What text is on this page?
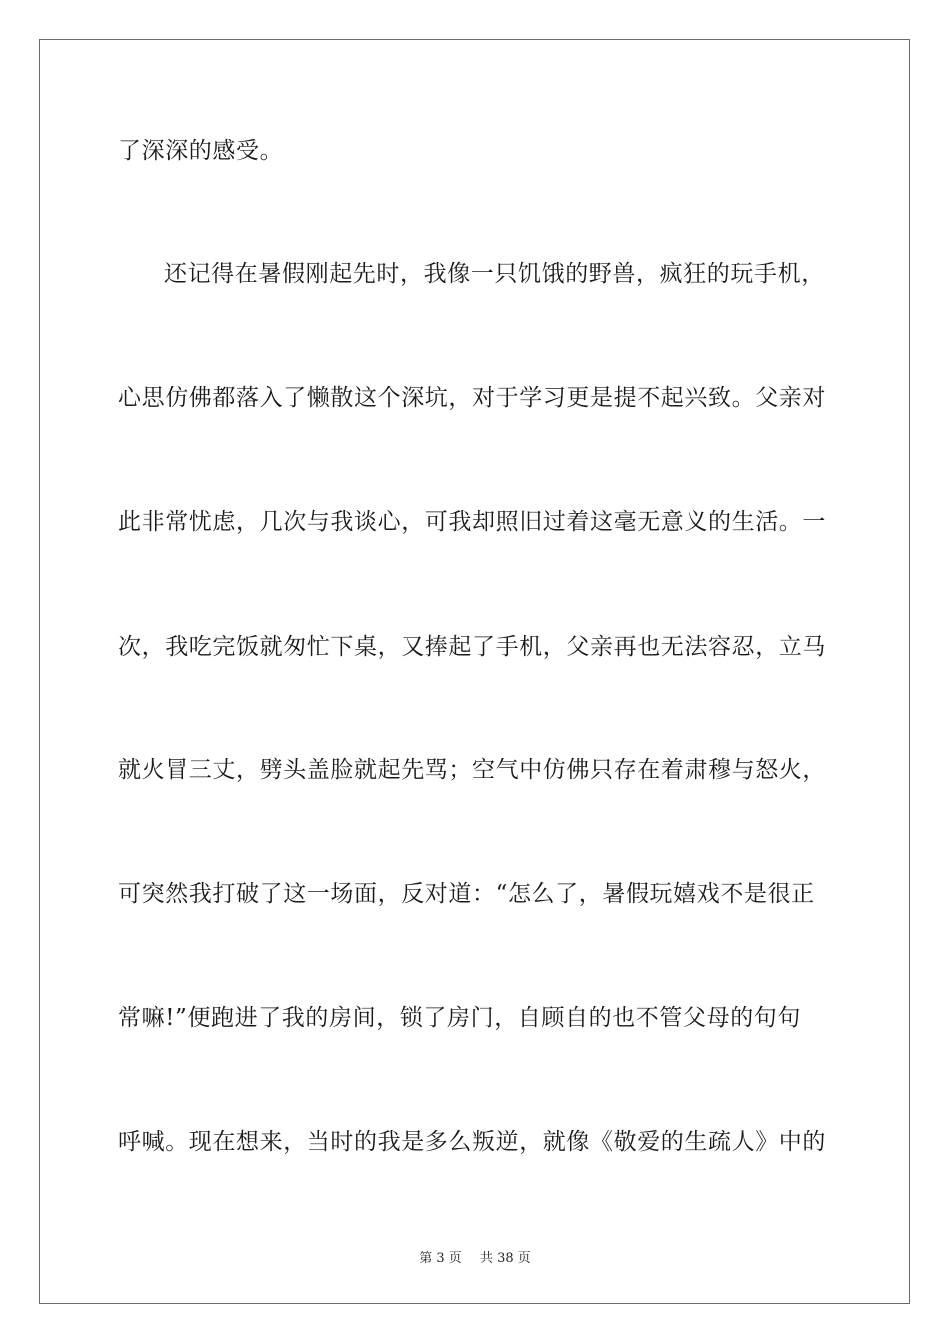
了深深的感受。

还记得在暑假刚起先时，我像一只饥饿的野兽，疯狂的玩手机，

心思仿佛都落入了懒散这个深坑，对于学习更是提不起兴致。父亲对

此非常忧虑，几次与我谈心，可我却照旧过着这毫无意义的生活。一

次，我吃完饭就匆忙下桌，又捧起了手机，父亲再也无法容忍，立马

就火冒三丈，劈头盖脸就起先骂；空气中仿佛只存在着肃穆与怒火，

可突然我打破了这一场面，反对道：“怎么了，暑假玩嬉戏不是很正

常嘛!”便跑进了我的房间，锁了房门，自顾自的也不管父母的句句

呼喊。现在想来，当时的我是多么叛逆，就像《敬爱的生疏人》中的

第 3 页 共 38 页
